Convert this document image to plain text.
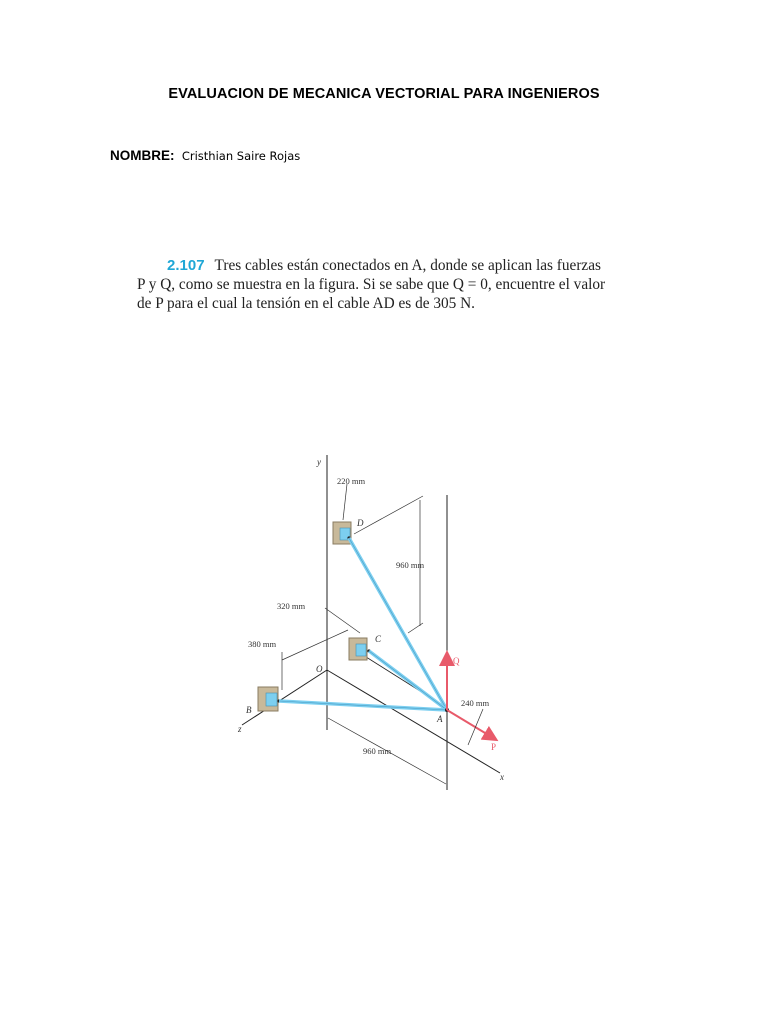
EVALUACION DE MECANICA VECTORIAL PARA INGENIEROS
NOMBRE: Cristhian Saire Rojas
2.107 Tres cables están conectados en A, donde se aplican las fuerzas
P y Q, como se muestra en la figura. Si se sabe que Q = 0, encuentre el valor
de P para el cual la tensión en el cable AD es de 305 N.
y
x
z
O
D
C
B
A
Q
P
220 mm
960 mm
320 mm
380 mm
240 mm
960 mm
